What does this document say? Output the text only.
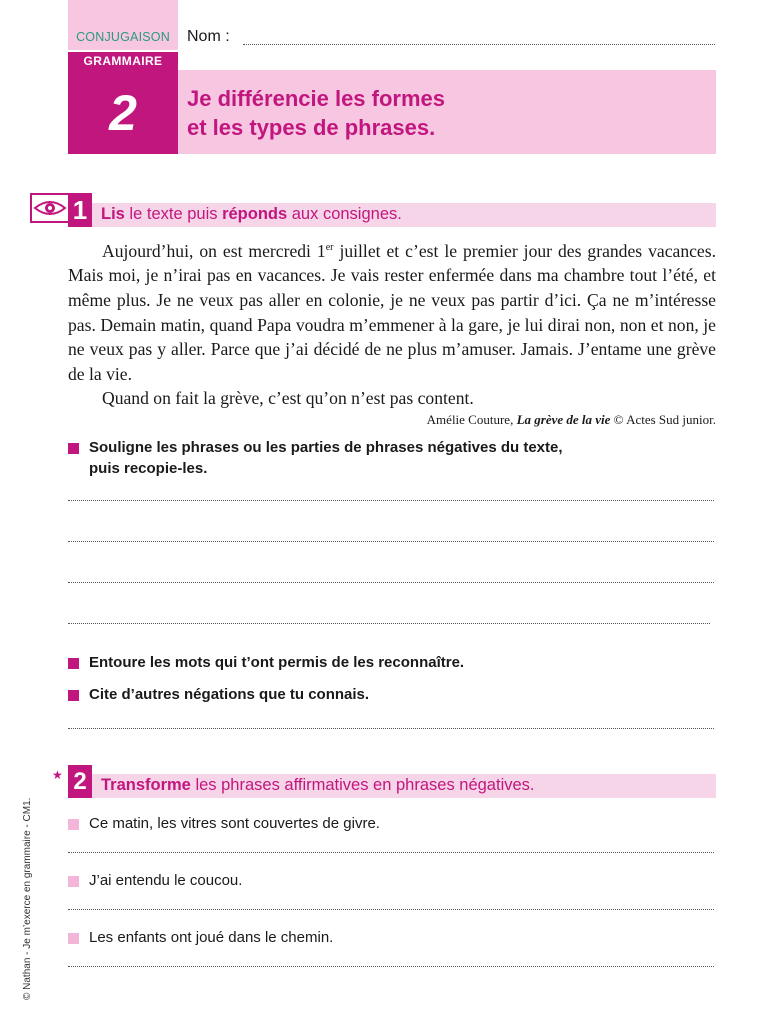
CONJUGAISON
GRAMMAIRE
2	Je différencie les formes
et les types de phrases.
Nom :
1 Lis le texte puis réponds aux consignes.

Aujourd’hui, on est mercredi 1er juillet et c’est le premier jour des grandes vacances. Mais moi, je n’irai pas en vacances. Je vais rester enfermée dans ma chambre tout l’été, et même plus. Je ne veux pas aller en colonie, je ne veux pas partir d’ici. Ça ne m’intéresse pas. Demain matin, quand Papa voudra m’emmener à la gare, je lui dirai non, non et non, je ne veux pas y aller. Parce que j’ai décidé de ne plus m’amuser. Jamais. J’entame une grève de la vie.

Quand on fait la grève, c’est qu’on n’est pas content.

Amélie Couture, La grève de la vie © Actes Sud junior.
Souligne les phrases ou les parties de phrases négatives du texte,
puis recopie-les.
Entoure les mots qui t’ont permis de les reconnaître.
Cite d’autres négations que tu connais.
★ 2 Transforme les phrases affirmatives en phrases négatives.
Ce matin, les vitres sont couvertes de givre.
J’ai entendu le coucou.
Les enfants ont joué dans le chemin.
© Nathan - Je m’exerce en grammaire - CM1.
